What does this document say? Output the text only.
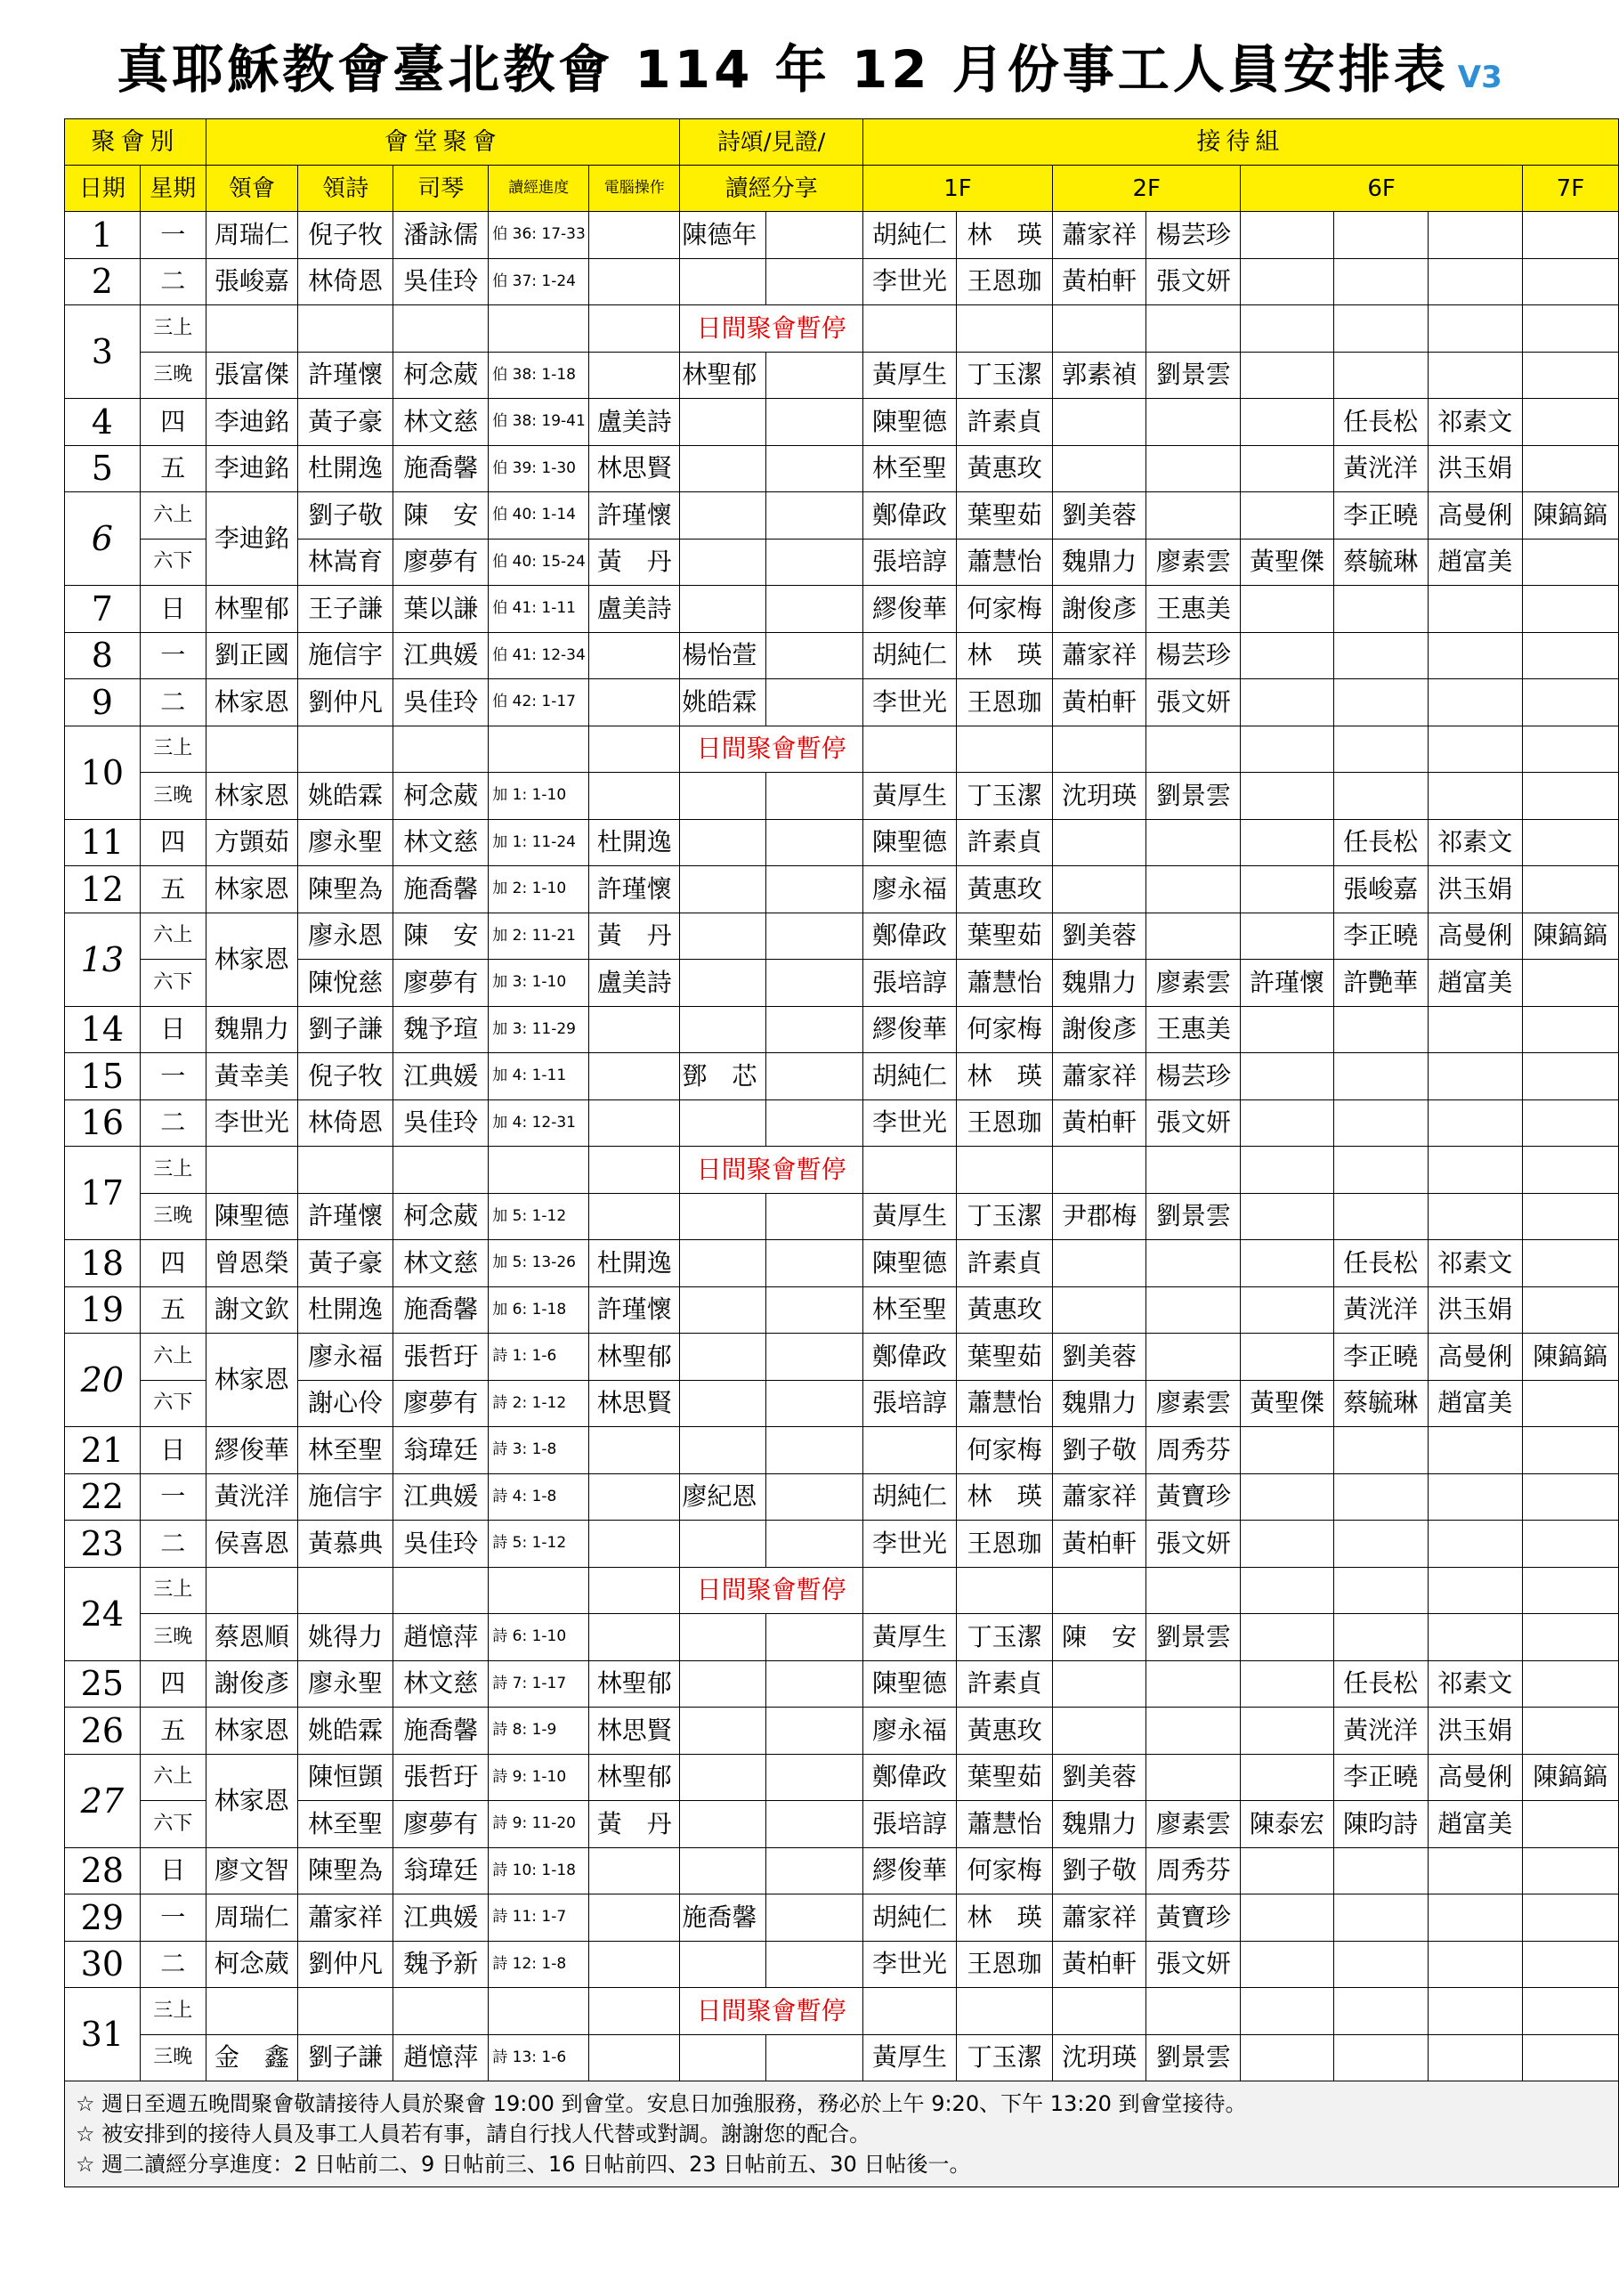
真耶穌教會臺北教會 114 年 12 月份事工人員安排表 V3
聚會別		會堂聚會					詩頌/見證/		接待組							
日期	星期	領會	領詩	司琴	讀經進度	電腦操作	讀經分享		1F		2F		6F			7F
1	一	周瑞仁	倪子牧	潘詠儒	伯 36: 17-33		陳德年		胡純仁	林　瑛	蕭家祥	楊芸珍				
2	二	張峻嘉	林倚恩	吳佳玲	伯 37: 1-24				李世光	王恩珈	黃柏軒	張文妍				
3	三上						日間聚會暫停									
	三晚	張富傑	許瑾懷	柯念葳	伯 38: 1-18		林聖郁		黃厚生	丁玉潔	郭素禎	劉景雲				
4	四	李迪銘	黃子豪	林文慈	伯 38: 19-41	盧美詩			陳聖德	許素貞				任長松	祁素文	
5	五	李迪銘	杜開逸	施喬馨	伯 39: 1-30	林思賢			林至聖	黃惠玫				黃洸洋	洪玉娟	
6	六上	李迪銘	劉子敬	陳　安	伯 40: 1-14	許瑾懷			鄭偉政	葉聖茹	劉美蓉			李正曉	高曼俐	陳鎬鎬
	六下		林嵩育	廖夢有	伯 40: 15-24	黃　丹			張培諄	蕭慧怡	魏鼎力	廖素雲	黃聖傑	蔡毓琳	趙富美	
7	日	林聖郁	王子謙	葉以謙	伯 41: 1-11	盧美詩			繆俊華	何家梅	謝俊彥	王惠美				
8	一	劉正國	施信宇	江典媛	伯 41: 12-34		楊怡萱		胡純仁	林　瑛	蕭家祥	楊芸珍				
9	二	林家恩	劉仲凡	吳佳玲	伯 42: 1-17		姚皓霖		李世光	王恩珈	黃柏軒	張文妍				
10	三上						日間聚會暫停									
	三晚	林家恩	姚皓霖	柯念葳	加 1: 1-10				黃厚生	丁玉潔	沈玥瑛	劉景雲				
11	四	方顗茹	廖永聖	林文慈	加 1: 11-24	杜開逸			陳聖德	許素貞				任長松	祁素文	
12	五	林家恩	陳聖為	施喬馨	加 2: 1-10	許瑾懷			廖永福	黃惠玫				張峻嘉	洪玉娟	
13	六上	林家恩	廖永恩	陳　安	加 2: 11-21	黃　丹			鄭偉政	葉聖茹	劉美蓉			李正曉	高曼俐	陳鎬鎬
	六下		陳悅慈	廖夢有	加 3: 1-10	盧美詩			張培諄	蕭慧怡	魏鼎力	廖素雲	許瑾懷	許艷華	趙富美	
14	日	魏鼎力	劉子謙	魏予瑄	加 3: 11-29				繆俊華	何家梅	謝俊彥	王惠美				
15	一	黃幸美	倪子牧	江典媛	加 4: 1-11		鄧　芯		胡純仁	林　瑛	蕭家祥	楊芸珍				
16	二	李世光	林倚恩	吳佳玲	加 4: 12-31				李世光	王恩珈	黃柏軒	張文妍				
17	三上						日間聚會暫停									
	三晚	陳聖德	許瑾懷	柯念葳	加 5: 1-12				黃厚生	丁玉潔	尹郡梅	劉景雲				
18	四	曾恩榮	黃子豪	林文慈	加 5: 13-26	杜開逸			陳聖德	許素貞				任長松	祁素文	
19	五	謝文欽	杜開逸	施喬馨	加 6: 1-18	許瑾懷			林至聖	黃惠玫				黃洸洋	洪玉娟	
20	六上	林家恩	廖永福	張哲玗	詩 1: 1-6	林聖郁			鄭偉政	葉聖茹	劉美蓉			李正曉	高曼俐	陳鎬鎬
	六下		謝心伶	廖夢有	詩 2: 1-12	林思賢			張培諄	蕭慧怡	魏鼎力	廖素雲	黃聖傑	蔡毓琳	趙富美	
21	日	繆俊華	林至聖	翁瑋廷	詩 3: 1-8					何家梅	劉子敬	周秀芬				
22	一	黃洸洋	施信宇	江典媛	詩 4: 1-8		廖紀恩		胡純仁	林　瑛	蕭家祥	黃寶珍				
23	二	侯喜恩	黃慕典	吳佳玲	詩 5: 1-12				李世光	王恩珈	黃柏軒	張文妍				
24	三上						日間聚會暫停									
	三晚	蔡恩順	姚得力	趙憶萍	詩 6: 1-10				黃厚生	丁玉潔	陳　安	劉景雲				
25	四	謝俊彥	廖永聖	林文慈	詩 7: 1-17	林聖郁			陳聖德	許素貞				任長松	祁素文	
26	五	林家恩	姚皓霖	施喬馨	詩 8: 1-9	林思賢			廖永福	黃惠玫				黃洸洋	洪玉娟	
27	六上	林家恩	陳恒顗	張哲玗	詩 9: 1-10	林聖郁			鄭偉政	葉聖茹	劉美蓉			李正曉	高曼俐	陳鎬鎬
	六下		林至聖	廖夢有	詩 9: 11-20	黃　丹			張培諄	蕭慧怡	魏鼎力	廖素雲	陳泰宏	陳昀詩	趙富美	
28	日	廖文智	陳聖為	翁瑋廷	詩 10: 1-18				繆俊華	何家梅	劉子敬	周秀芬				
29	一	周瑞仁	蕭家祥	江典媛	詩 11: 1-7		施喬馨		胡純仁	林　瑛	蕭家祥	黃寶珍				
30	二	柯念葳	劉仲凡	魏予新	詩 12: 1-8				李世光	王恩珈	黃柏軒	張文妍				
31	三上						日間聚會暫停									
	三晚	金　鑫	劉子謙	趙憶萍	詩 13: 1-6				黃厚生	丁玉潔	沈玥瑛	劉景雲				

☆ 週日至週五晚間聚會敬請接待人員於聚會 19:00 到會堂。安息日加強服務，務必於上午 9:20、下午 13:20 到會堂接待。
☆ 被安排到的接待人員及事工人員若有事，請自行找人代替或對調。謝謝您的配合。
☆ 週二讀經分享進度：2 日帖前二、9 日帖前三、16 日帖前四、23 日帖前五、30 日帖後一。																
